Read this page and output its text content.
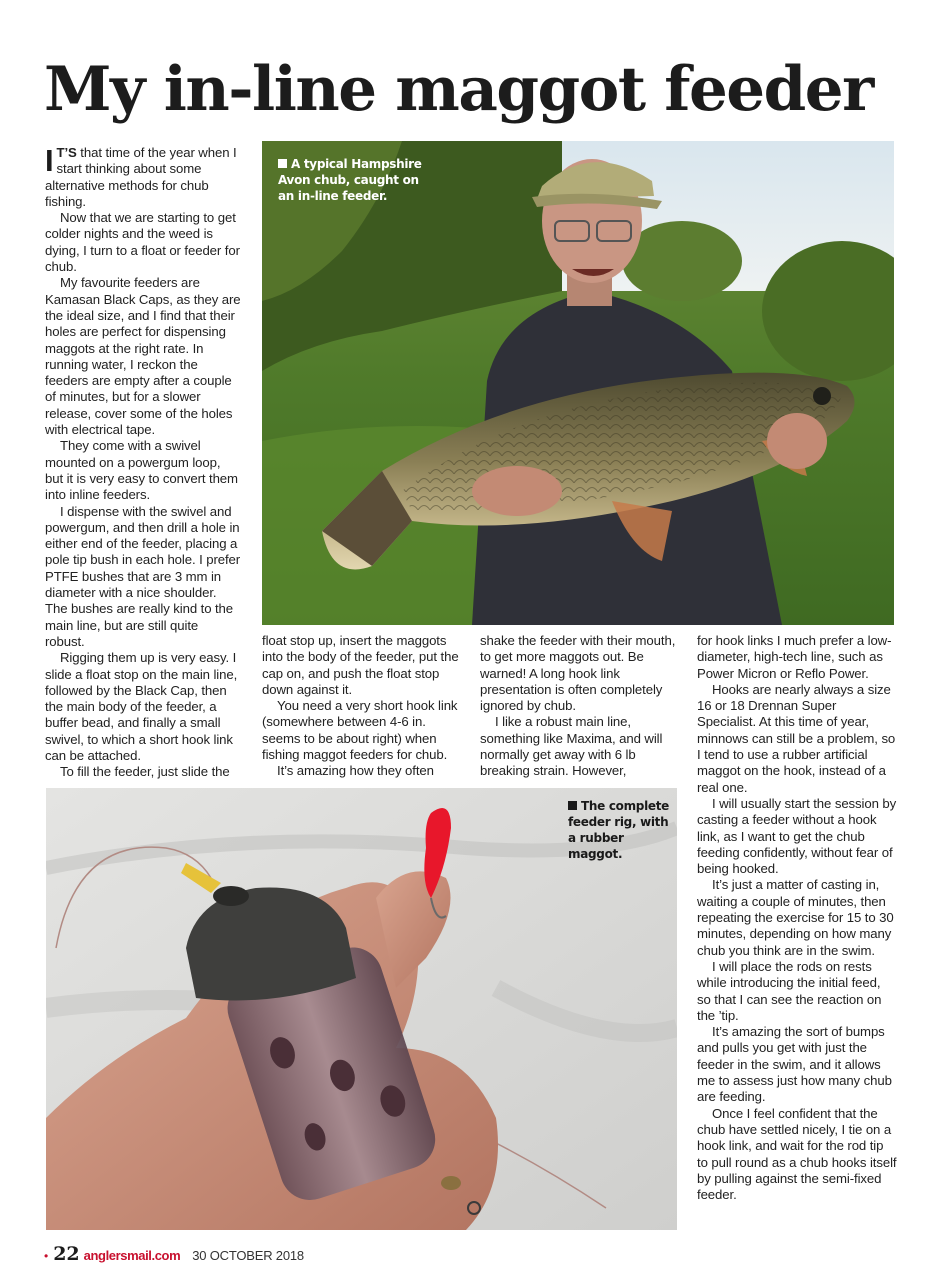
My in-line maggot feeder

I T’S that time of the year when I start thinking about some alternative methods for chub fishing.

Now that we are starting to get colder nights and the weed is dying, I turn to a float or feeder for chub.

My favourite feeders are Kamasan Black Caps, as they are the ideal size, and I find that their holes are perfect for dispensing maggots at the right rate. In running water, I reckon the feeders are empty after a couple of minutes, but for a slower release, cover some of the holes with electrical tape.

They come with a swivel mounted on a powergum loop, but it is very easy to convert them into inline feeders.

I dispense with the swivel and powergum, and then drill a hole in either end of the feeder, placing a pole tip bush in each hole. I prefer PTFE bushes that are 3 mm in diameter with a nice shoulder. The bushes are really kind to the main line, but are still quite robust.

Rigging them up is very easy. I slide a float stop on the main line, followed by the Black Cap, then the main body of the feeder, a buffer bead, and finally a small swivel, to which a short hook link can be attached.

To fill the feeder, just slide the

A typical Hampshire Avon chub, caught on an in-line feeder.

float stop up, insert the maggots into the body of the feeder, put the cap on, and push the float stop down against it.

You need a very short hook link (somewhere between 4-6 in. seems to be about right) when fishing maggot feeders for chub.

It’s amazing how they often

shake the feeder with their mouth, to get more maggots out. Be warned! A long hook link presentation is often completely ignored by chub.

I like a robust main line, something like Maxima, and will normally get away with 6 lb breaking strain. However,

The complete feeder rig, with a rubber maggot.

for hook links I much prefer a low-diameter, high-tech line, such as Power Micron or Reflo Power.

Hooks are nearly always a size 16 or 18 Drennan Super Specialist. At this time of year, minnows can still be a problem, so I tend to use a rubber artificial maggot on the hook, instead of a real one.

I will usually start the session by casting a feeder without a hook link, as I want to get the chub feeding confidently, without fear of being hooked.

It’s just a matter of casting in, waiting a couple of minutes, then repeating the exercise for 15 to 30 minutes, depending on how many chub you think are in the swim.

I will place the rods on rests while introducing the initial feed, so that I can see the reaction on the ’tip.

It’s amazing the sort of bumps and pulls you get with just the feeder in the swim, and it allows me to assess just how many chub are feeding.

Once I feel confident that the chub have settled nicely, I tie on a hook link, and wait for the rod tip to pull round as a chub hooks itself by pulling against the semi-fixed feeder.

• 22 anglersmail.com 30 OCTOBER 2018
